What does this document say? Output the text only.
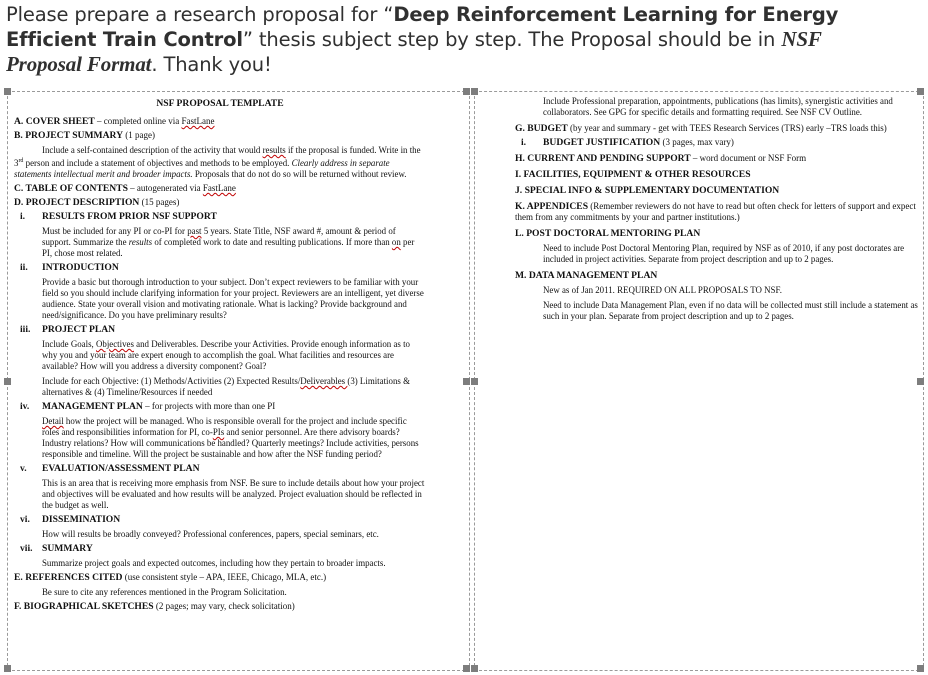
Please prepare a research proposal for “Deep Reinforcement Learning for Energy
Efficient Train Control” thesis subject step by step. The Proposal should be in NSF
Proposal Format. Thank you!
NSF PROPOSAL TEMPLATE
A. COVER SHEET – completed online via FastLane
B. PROJECT SUMMARY (1 page)
Include a self-contained description of the activity that would results if the proposal is funded. Write in the 3rd person and include a statement of objectives and methods to be employed. Clearly address in separate statements intellectual merit and broader impacts. Proposals that do not do so will be returned without review.
C. TABLE OF CONTENTS – autogenerated via FastLane
D. PROJECT DESCRIPTION (15 pages)
i.	RESULTS FROM PRIOR NSF SUPPORT
Must be included for any PI or co-PI for past 5 years. State Title, NSF award #, amount & period of support. Summarize the results of completed work to date and resulting publications. If more than on per PI, chose most related.
ii.	INTRODUCTION
Provide a basic but thorough introduction to your subject. Don’t expect reviewers to be familiar with your field so you should include clarifying information for your project. Reviewers are an intelligent, yet diverse audience. State your overall vision and motivating rationale. What is lacking? Provide background and need/significance. Do you have preliminary results?
iii.	PROJECT PLAN
Include Goals, Objectives and Deliverables. Describe your Activities. Provide enough information as to why you and your team are expert enough to accomplish the goal. What facilities and resources are available? How will you address a diversity component? Goal?
Include for each Objective: (1) Methods/Activities (2) Expected Results/Deliverables (3) Limitations & alternatives & (4) Timeline/Resources if needed
iv.	MANAGEMENT PLAN – for projects with more than one PI
Detail how the project will be managed. Who is responsible overall for the project and include specific roles and responsibilities information for PI, co-PIs and senior personnel. Are there advisory boards? Industry relations? How will communications be handled? Quarterly meetings? Include activities, persons responsible and timeline. Will the project be sustainable and how after the NSF funding period?
v.	EVALUATION/ASSESSMENT PLAN
This is an area that is receiving more emphasis from NSF. Be sure to include details about how your project and objectives will be evaluated and how results will be analyzed. Project evaluation should be reflected in the budget as well.
vi.	DISSEMINATION
How will results be broadly conveyed? Professional conferences, papers, special seminars, etc.
vii. SUMMARY
Summarize project goals and expected outcomes, including how they pertain to broader impacts.
E. REFERENCES CITED (use consistent style – APA, IEEE, Chicago, MLA, etc.)
Be sure to cite any references mentioned in the Program Solicitation.
F. BIOGRAPHICAL SKETCHES (2 pages; may vary, check solicitation)
Include Professional preparation, appointments, publications (has limits), synergistic activities and collaborators. See GPG for specific details and formatting required. See NSF CV Outline.
G. BUDGET (by year and summary - get with TEES Research Services (TRS) early –TRS loads this)
i.	BUDGET JUSTIFICATION (3 pages, max vary)
H. CURRENT AND PENDING SUPPORT – word document or NSF Form
I. FACILITIES, EQUIPMENT & OTHER RESOURCES
J. SPECIAL INFO & SUPPLEMENTARY DOCUMENTATION
K. APPENDICES (Remember reviewers do not have to read but often check for letters of support and expect them from any commitments by your and partner institutions.)
L. POST DOCTORAL MENTORING PLAN
Need to include Post Doctoral Mentoring Plan, required by NSF as of 2010, if any post doctorates are included in project activities. Separate from project description and up to 2 pages.
M. DATA MANAGEMENT PLAN
New as of Jan 2011. REQUIRED ON ALL PROPOSALS TO NSF.
Need to include Data Management Plan, even if no data will be collected must still include a statement as such in your plan. Separate from project description and up to 2 pages.
